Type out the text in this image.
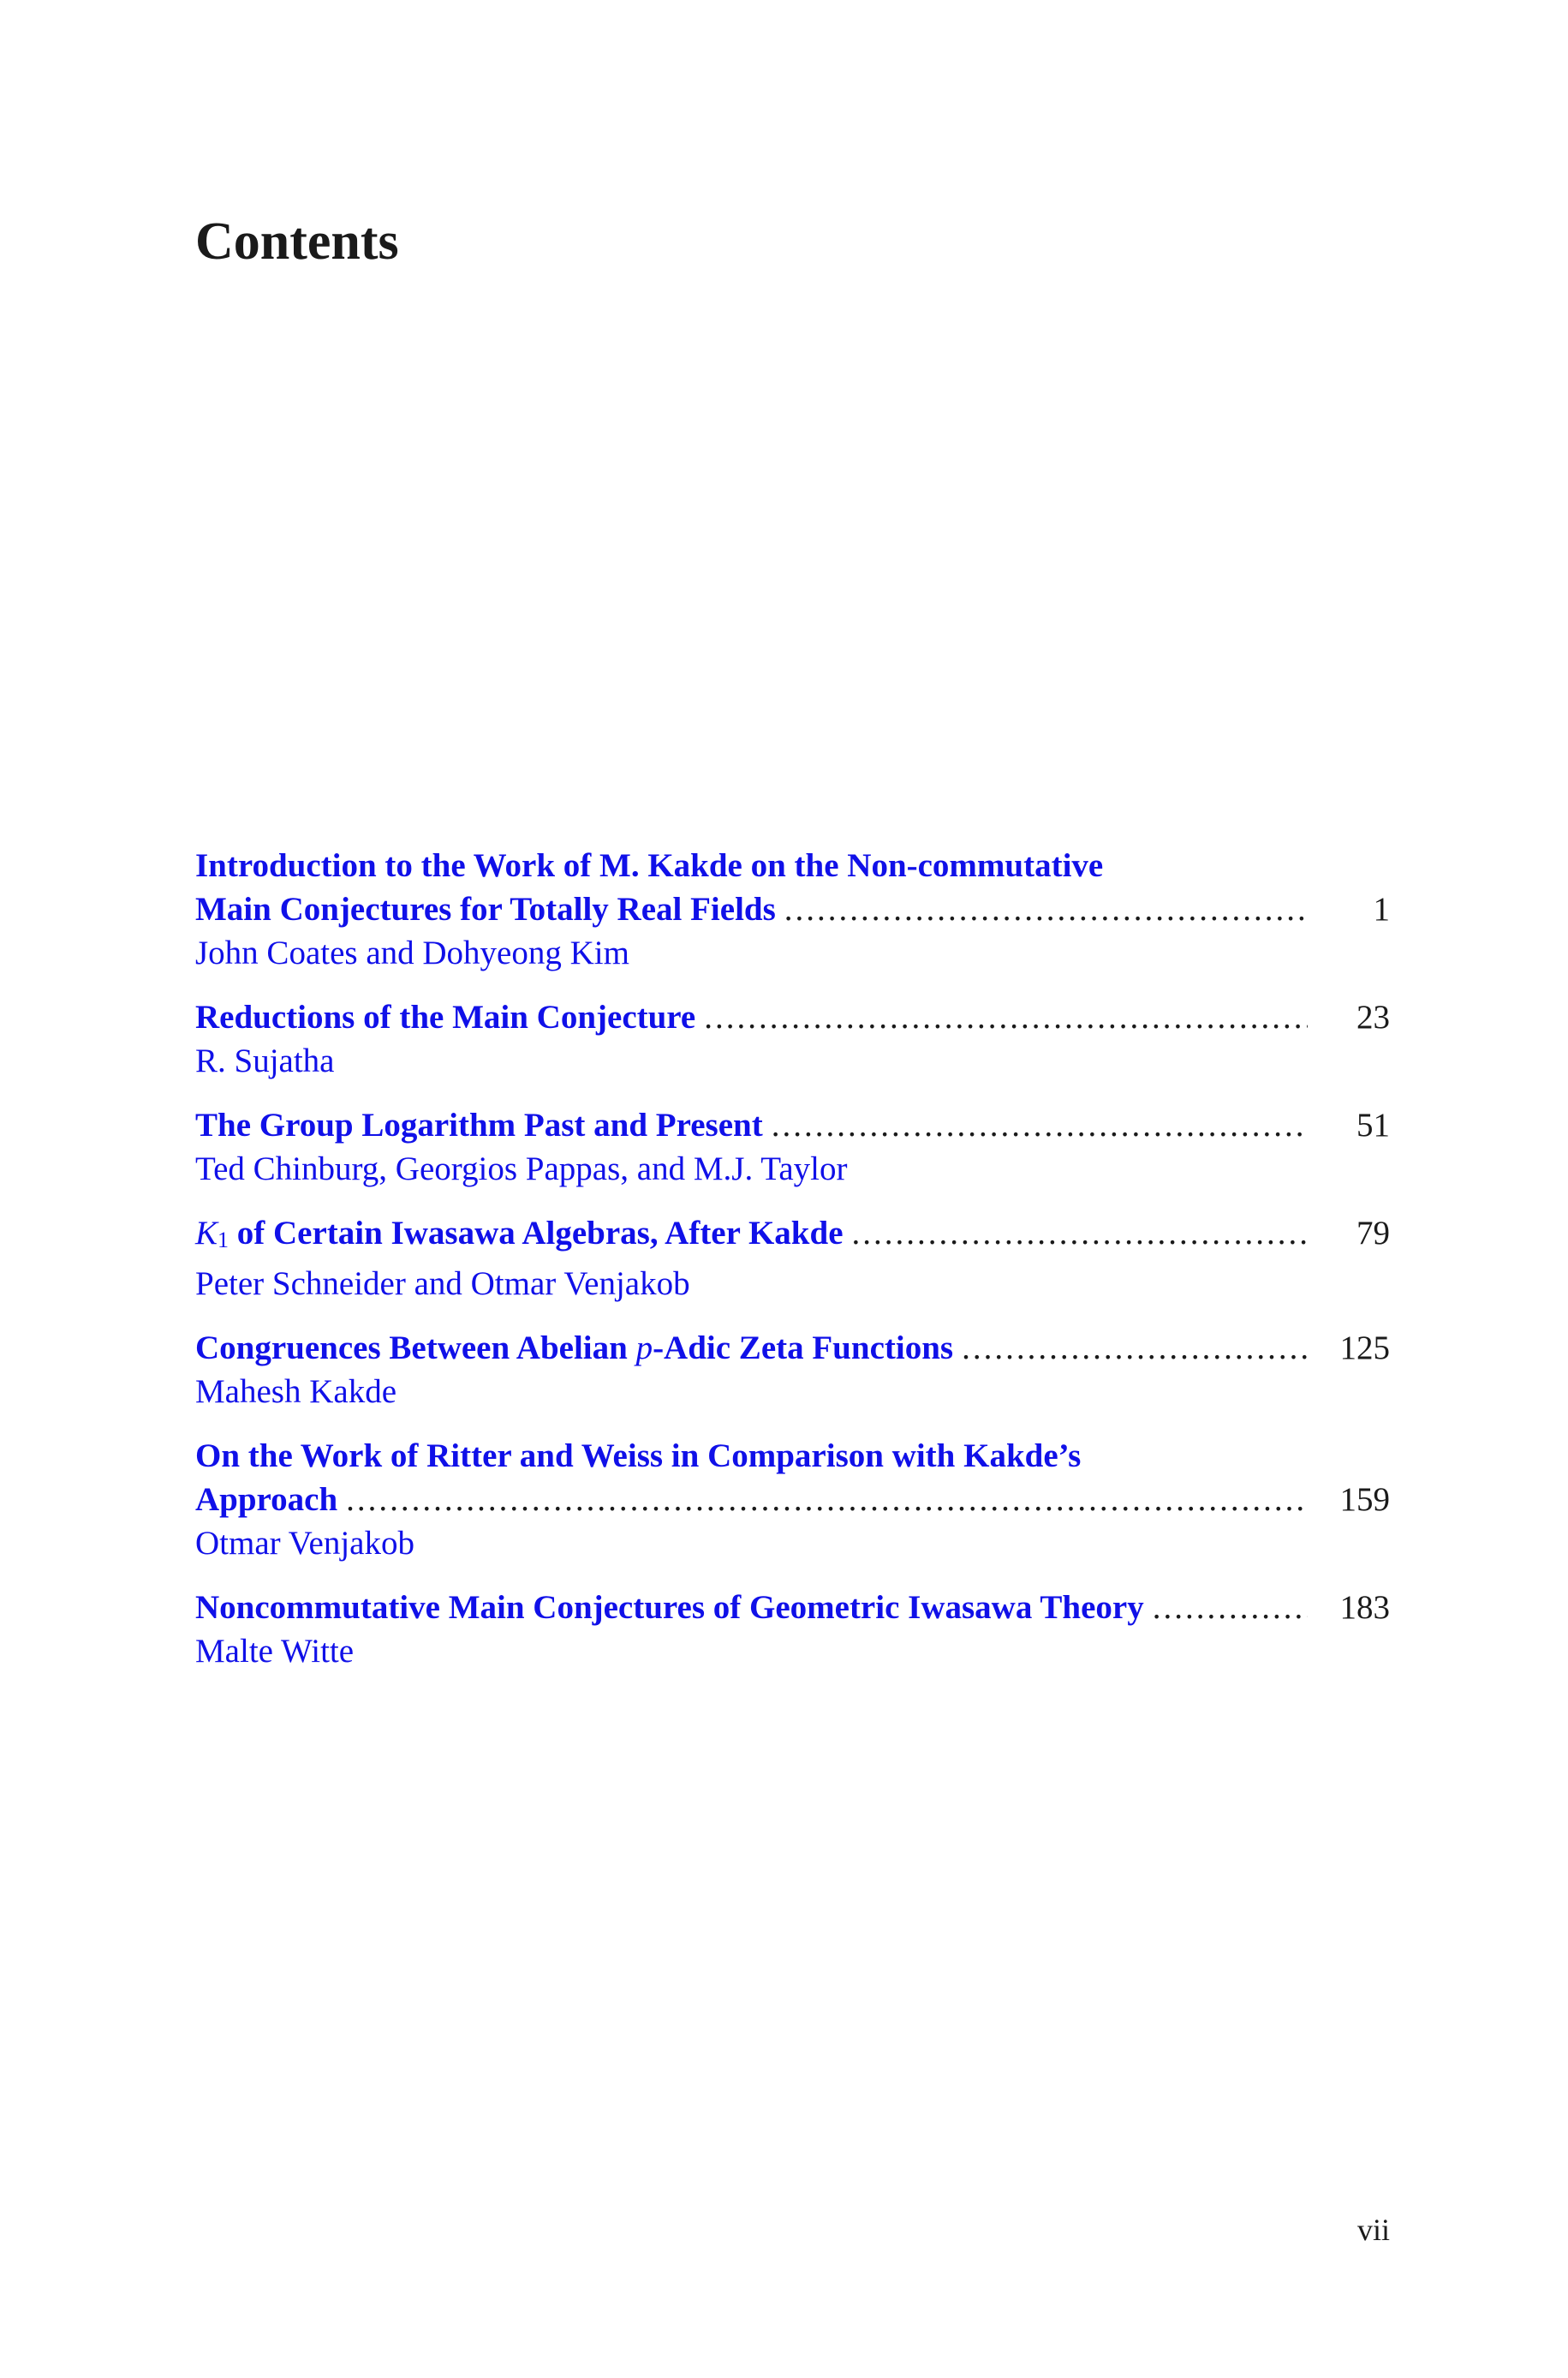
Contents
Introduction to the Work of M. Kakde on the Non-commutative
Main Conjectures for Totally Real Fields .....	1
John Coates and Dohyeong Kim
Reductions of the Main Conjecture .....	23
R. Sujatha
The Group Logarithm Past and Present .....	51
Ted Chinburg, Georgios Pappas, and M.J. Taylor
K1 of Certain Iwasawa Algebras, After Kakde .....	79
Peter Schneider and Otmar Venjakob
Congruences Between Abelian p-Adic Zeta Functions .....	125
Mahesh Kakde
On the Work of Ritter and Weiss in Comparison with Kakde’s
Approach .....	159
Otmar Venjakob
Noncommutative Main Conjectures of Geometric Iwasawa Theory .....	183
Malte Witte
vii
